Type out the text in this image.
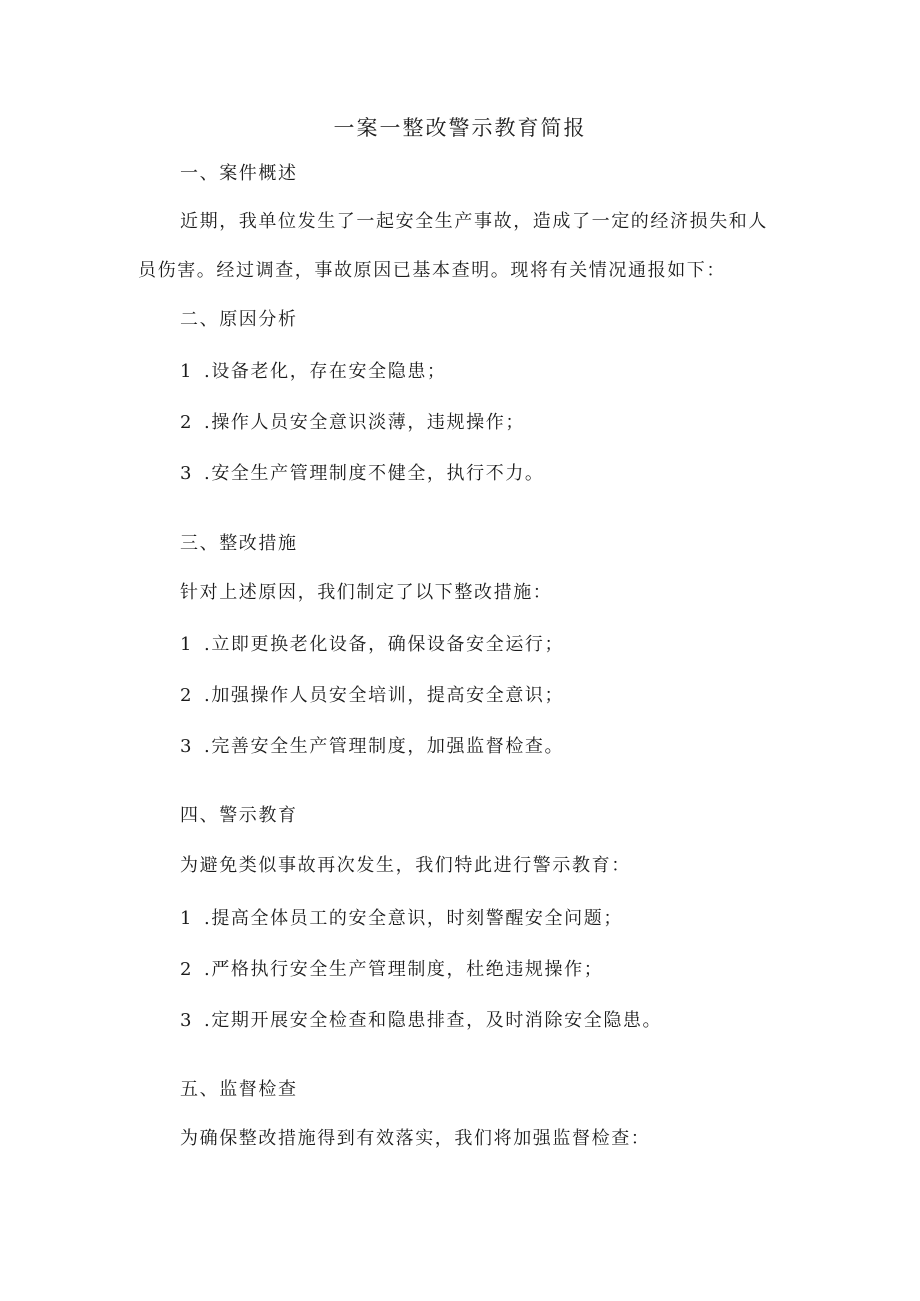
一案一整改警示教育简报
一、案件概述
近期，我单位发生了一起安全生产事故，造成了一定的经济损失和人
员伤害。经过调查，事故原因已基本查明。现将有关情况通报如下：
二、原因分析
1 .设备老化，存在安全隐患；
2 .操作人员安全意识淡薄，违规操作；
3 .安全生产管理制度不健全，执行不力。
三、整改措施
针对上述原因，我们制定了以下整改措施：
1 .立即更换老化设备，确保设备安全运行；
2 .加强操作人员安全培训，提高安全意识；
3 .完善安全生产管理制度，加强监督检查。
四、警示教育
为避免类似事故再次发生，我们特此进行警示教育：
1 .提高全体员工的安全意识，时刻警醒安全问题；
2 .严格执行安全生产管理制度，杜绝违规操作；
3 .定期开展安全检查和隐患排查，及时消除安全隐患。
五、监督检查
为确保整改措施得到有效落实，我们将加强监督检查：
